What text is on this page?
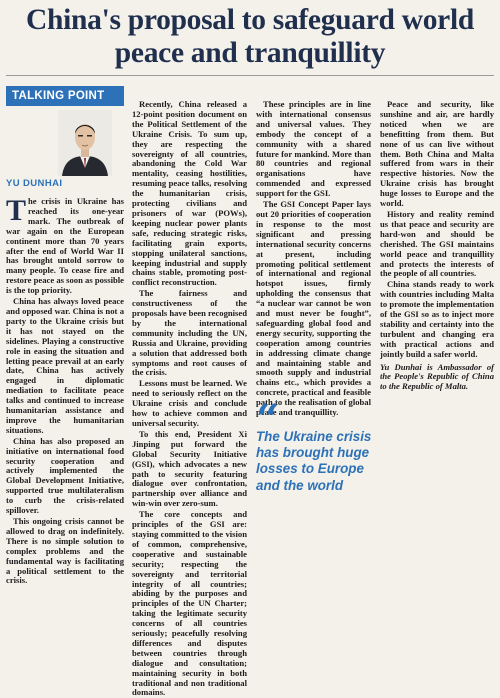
China's proposal to safeguard world peace and tranquillity
TALKING POINT
YU DUNHAI

The crisis in Ukraine has reached its one-year mark. The outbreak of war again on the European continent more than 70 years after the end of World War II has brought untold sorrow to many people. To cease fire and restore peace as soon as possible is the top priority.

China has always loved peace and opposed war. China is not a party to the Ukraine crisis but it has not stayed on the sidelines. Playing a constructive role in easing the situation and letting peace prevail at an early date, China has actively engaged in diplomatic mediation to facilitate peace talks and continued to increase humanitarian assistance and improve the humanitarian situations.

China has also proposed an initiative on international food security cooperation and actively implemented the Global Development Initiative, supported true multilateralism to curb the crisis-related spillover.

This ongoing crisis cannot be allowed to drag on indefinitely. There is no simple solution to complex problems and the fundamental way is facilitating a political settlement to the crisis.

Recently, China released a 12-point position document on the Political Settlement of the Ukraine Crisis. To sum up, they are respecting the sovereignty of all countries, abandoning the Cold War mentality, ceasing hostilities, resuming peace talks, resolving the humanitarian crisis, protecting civilians and prisoners of war (POWs), keeping nuclear power plants safe, reducing strategic risks, facilitating grain exports, stopping unilateral sanctions, keeping industrial and supply chains stable, promoting post-conflict reconstruction.

The fairness and constructiveness of the proposals have been recognised by the international community including the UN, Russia and Ukraine, providing a solution that addressed both symptoms and root causes of the crisis.

Lessons must be learned. We need to seriously reflect on the Ukraine crisis and conclude how to achieve common and universal security.

To this end, President Xi Jinping put forward the Global Security Initiative (GSI), which advocates a new path to security featuring dialogue over confrontation, partnership over alliance and win-win over zero-sum.

The core concepts and principles of the GSI are: staying committed to the vision of common, comprehensive, cooperative and sustainable security; respecting the sovereignty and territorial integrity of all countries; abiding by the purposes and principles of the UN Charter; taking the legitimate security concerns of all countries seriously; peacefully resolving differences and disputes between countries through dialogue and consultation; maintaining security in both traditional and non traditional domains.

These principles are in line with international consensus and universal values. They embody the concept of a community with a shared future for mankind. More than 80 countries and regional organisations have commended and expressed support for the GSI.

The GSI Concept Paper lays out 20 priorities of cooperation in response to the most significant and pressing international security concerns at present, including promoting political settlement of international and regional hotspot issues, firmly upholding the consensus that “a nuclear war cannot be won and must never be fought”, safeguarding global food and energy security, supporting the cooperation among countries in addressing climate change and maintaining stable and smooth supply and industrial chains etc., which provides a concrete, practical and feasible path to the realisation of global peace and tranquillity.

“
The Ukraine crisis has brought huge losses to Europe and the world

Peace and security, like sunshine and air, are hardly noticed when we are benefitting from them. But none of us can live without them. Both China and Malta suffered from wars in their respective histories. Now the Ukraine crisis has brought huge losses to Europe and the world.

History and reality remind us that peace and security are hard-won and should be cherished. The GSI maintains world peace and tranquillity and protects the interests of the people of all countries.

China stands ready to work with countries including Malta to promote the implementation of the GSI so as to inject more stability and certainty into the turbulent and changing era with practical actions and jointly build a safer world.

Yu Dunhai is Ambassador of the People's Republic of China to the Republic of Malta.
